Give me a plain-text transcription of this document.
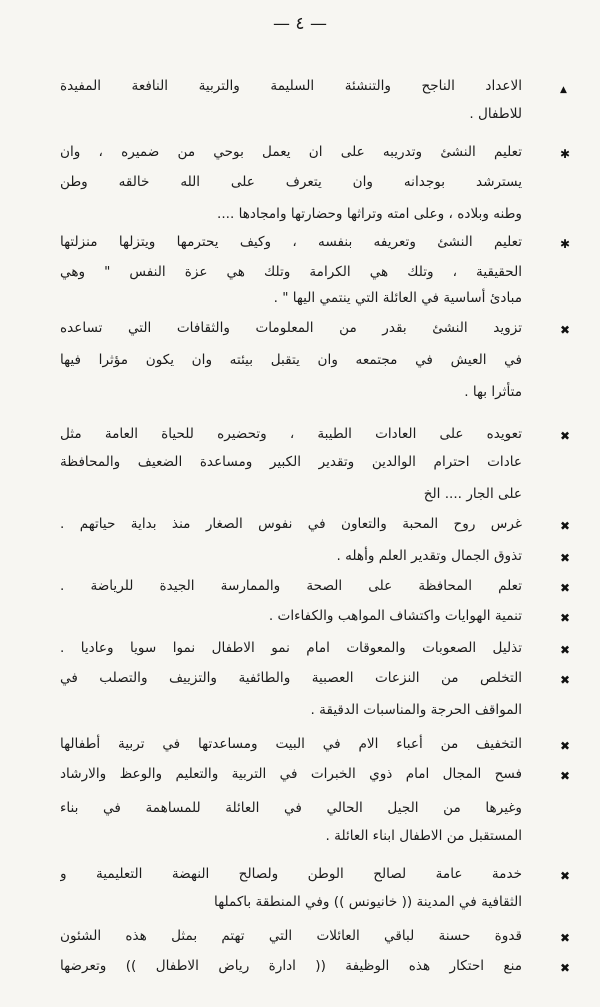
— ٤ —
▲
الاعداد الناجح والتنشئة السليمة والتربية النافعة المفيدة
للاطفال .
✱
تعليم النشئ وتدريبه على ان يعمل بوحي من ضميره ، وان
يسترشد بوجدانه وان يتعرف على الله خالقه وطن
وطنه وبلاده ، وعلى امته وتراثها وحضارتها وامجادها ....
✱
تعليم النشئ وتعريفه بنفسه ، وكيف يحترمها ويتزلها منزلتها
الحقيقية ، وتلك هي الكرامة وتلك هي عزة النفس " وهي
مبادئ أساسية في العائلة التي ينتمي اليها " .
✖
تزويد النشئ بقدر من المعلومات والثقافات التي تساعده
في العيش في مجتمعه وان يتقبل بيئته وان يكون مؤثرا فيها
متأثرا بها .
✖
تعويده على العادات الطيبة ، وتحضيره للحياة العامة مثل
عادات احترام الوالدين وتقدير الكبير ومساعدة الضعيف والمحافظة
على الجار .... الخ
✖
غرس روح المحبة والتعاون في نفوس الصغار منذ بداية حياتهم .
✖
تذوق الجمال وتقدير العلم وأهله .
✖
تعلم المحافظة على الصحة والممارسة الجيدة للرياضة .
✖
تنمية الهوايات واكتشاف المواهب والكفاءات .
✖
تذليل الصعوبات والمعوقات امام نمو الاطفال نموا سويا وعاديا .
✖
التخلص من النزعات العصبية والطائفية والتزييف والتصلب في
المواقف الحرجة والمناسبات الدقيقة .
✖
التخفيف من أعباء الام في البيت ومساعدتها في تربية أطفالها
✖
فسح المجال امام ذوي الخبرات في التربية والتعليم والوعظ والارشاد
وغيرها من الجيل الحالي في العائلة للمساهمة في بناء
المستقبل من الاطفال ابناء العائلة .
✖
خدمة عامة لصالح الوطن ولصالح النهضة التعليمية و
الثقافية في المدينة (( خانيونس )) وفي المنطقة باكملها
✖
قدوة حسنة لباقي العائلات التي تهتم بمثل هذه الشئون
✖
منع احتكار هذه الوظيفة (( ادارة رياض الاطفال )) وتعرضها
